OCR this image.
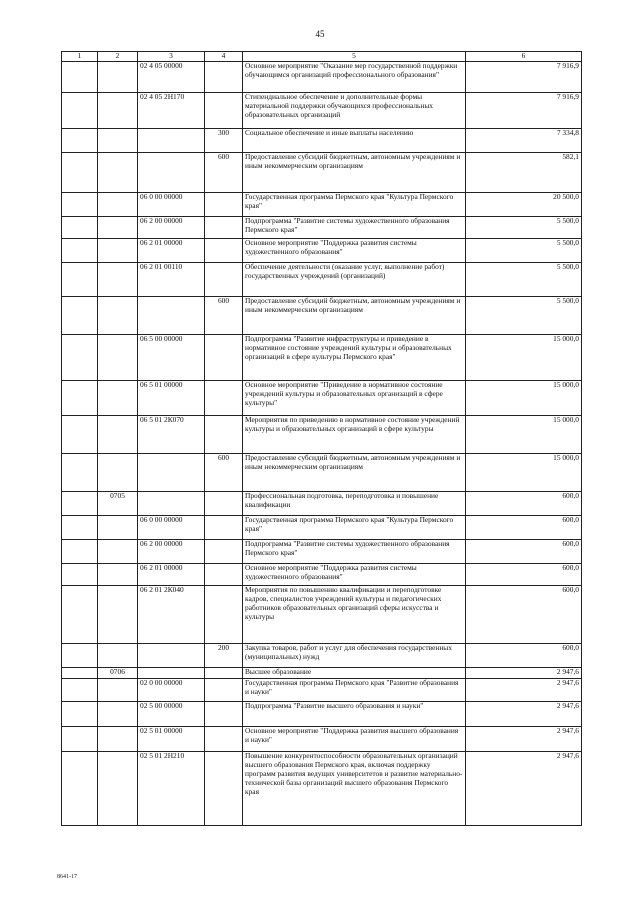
45
1	2	3	4	5	6
		02 4 05 00000		Основное мероприятие "Оказание мер государственной поддержки обучающимся организаций профессионального образования"	7 916,9
		02 4 05 2Н170		Стипендиальное обеспечение и дополнительные формы материальной поддержки обучающихся профессиональных образовательных организаций	7 916,9
			300	Социальное обеспечение и иные выплаты населению	7 334,8
			600	Предоставление субсидий бюджетным, автономным учреждениям и иным некоммерческим организациям	582,1
		06 0 00 00000		Государственная программа Пермского края "Культура Пермского края"	20 500,0
		06 2 00 00000		Подпрограмма "Развитие системы художественного образования Пермского края"	5 500,0
		06 2 01 00000		Основное мероприятие "Поддержка развития системы художественного образования"	5 500,0
		06 2 01 00110		Обеспечение деятельности (оказание услуг, выполнение работ) государственных учреждений (организаций)	5 500,0
			600	Предоставление субсидий бюджетным, автономным учреждениям и иным некоммерческим организациям	5 500,0
		06 5 00 00000		Подпрограмма "Развитие инфраструктуры и приведение в нормативное состояние учреждений культуры и образовательных организаций в сфере культуры Пермского края"	15 000,0
		06 5 01 00000		Основное мероприятие "Приведение в нормативное состояние учреждений культуры и образовательных организаций в сфере культуры"	15 000,0
		06 5 01 2К070		Мероприятия по приведению в нормативное состояние учреждений культуры и образовательных организаций в сфере культуры	15 000,0
			600	Предоставление субсидий бюджетным, автономным учреждениям и иным некоммерческим организациям	15 000,0
	0705			Профессиональная подготовка, переподготовка и повышение квалификации	600,0
		06 0 00 00000		Государственная программа Пермского края "Культура Пермского края"	600,0
		06 2 00 00000		Подпрограмма "Развитие системы художественного образования Пермского края"	600,0
		06 2 01 00000		Основное мероприятие "Поддержка развития системы художественного образования"	600,0
		06 2 01 2К040		Мероприятия по повышению квалификации и переподготовке кадров, специалистов учреждений культуры и педагогических работников образовательных организаций сферы искусства и культуры	600,0
			200	Закупка товаров, работ и услуг для обеспечения государственных (муниципальных) нужд	600,0
	0706			Высшее образование	2 947,6
		02 0 00 00000		Государственная программа Пермского края "Развитие образования и науки"	2 947,6
		02 5 00 00000		Подпрограмма "Развитие высшего образования и науки"	2 947,6
		02 5 01 00000		Основное мероприятие "Поддержка развития высшего образования и науки"	2 947,6
		02 5 01 2Н210		Повышение конкурентоспособности образовательных организаций высшего образования Пермского края, включая поддержку программ развития ведущих университетов и развитие материально-технической базы организаций высшего образования Пермского края	2 947,6
8641-17
